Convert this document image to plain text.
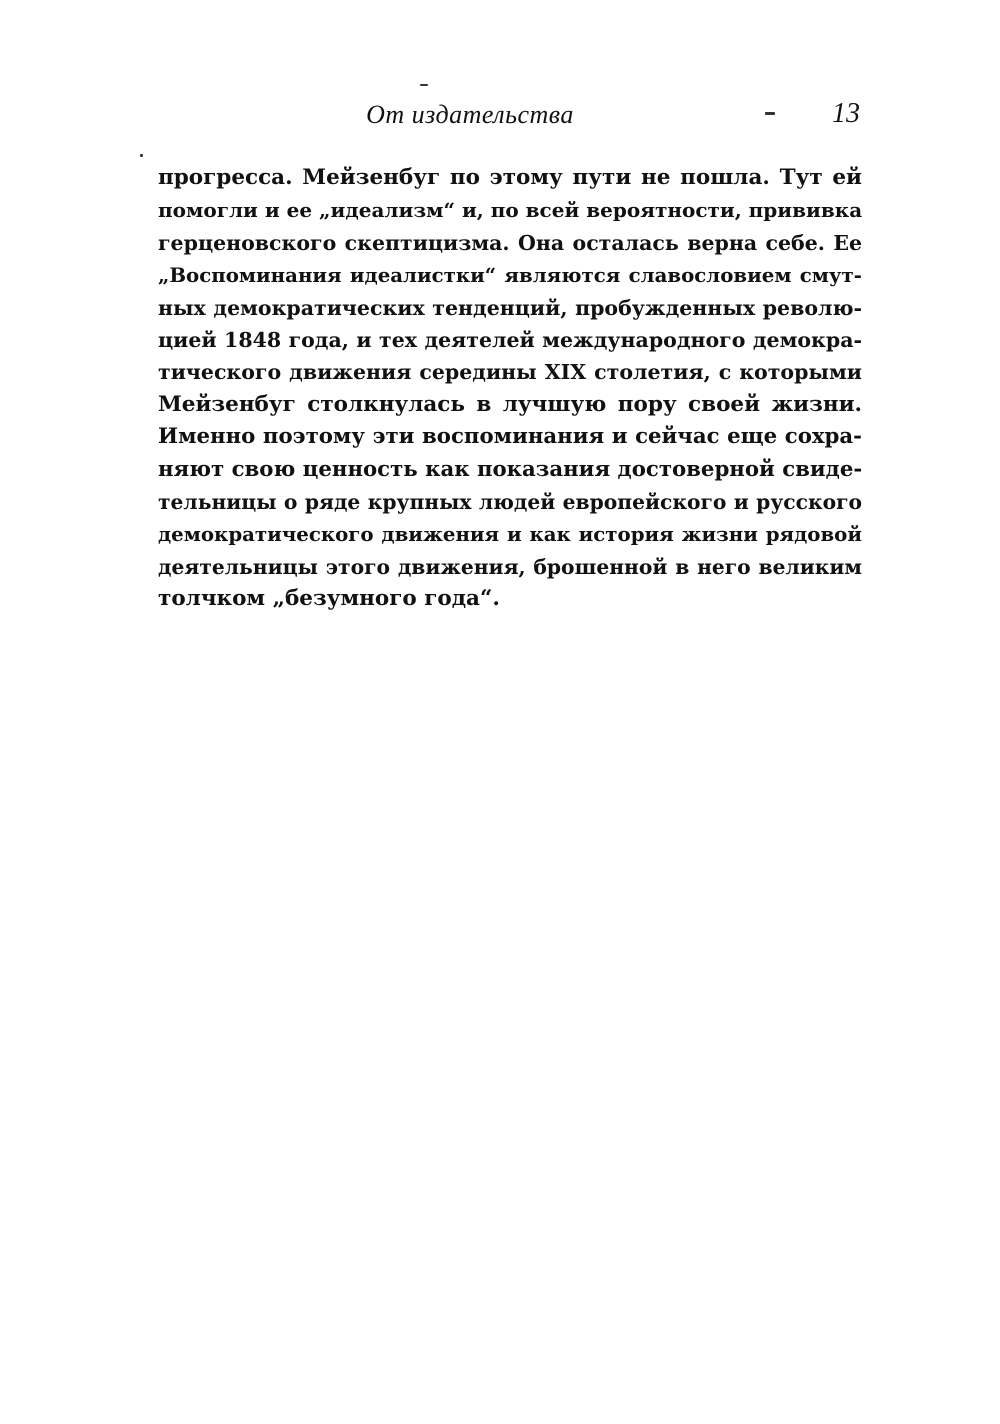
От издательства	13
прогресса. Мейзенбуг по этому пути не пошла. Тут ей
помогли и ее „идеализм“ и, по всей вероятности, прививка
герценовского скептицизма. Она осталась верна себе. Ее
„Воспоминания идеалистки“ являются славословием смут-
ных демократических тенденций, пробужденных револю-
цией 1848 года, и тех деятелей международного демокра-
тического движения середины XIX столетия, с которыми
Мейзенбуг столкнулась в лучшую пору своей жизни.
Именно поэтому эти воспоминания и сейчас еще сохра-
няют свою ценность как показания достоверной свиде-
тельницы о ряде крупных людей европейского и русского
демократического движения и как история жизни рядовой
деятельницы этого движения, брошенной в него великим
толчком „безумного года“.
